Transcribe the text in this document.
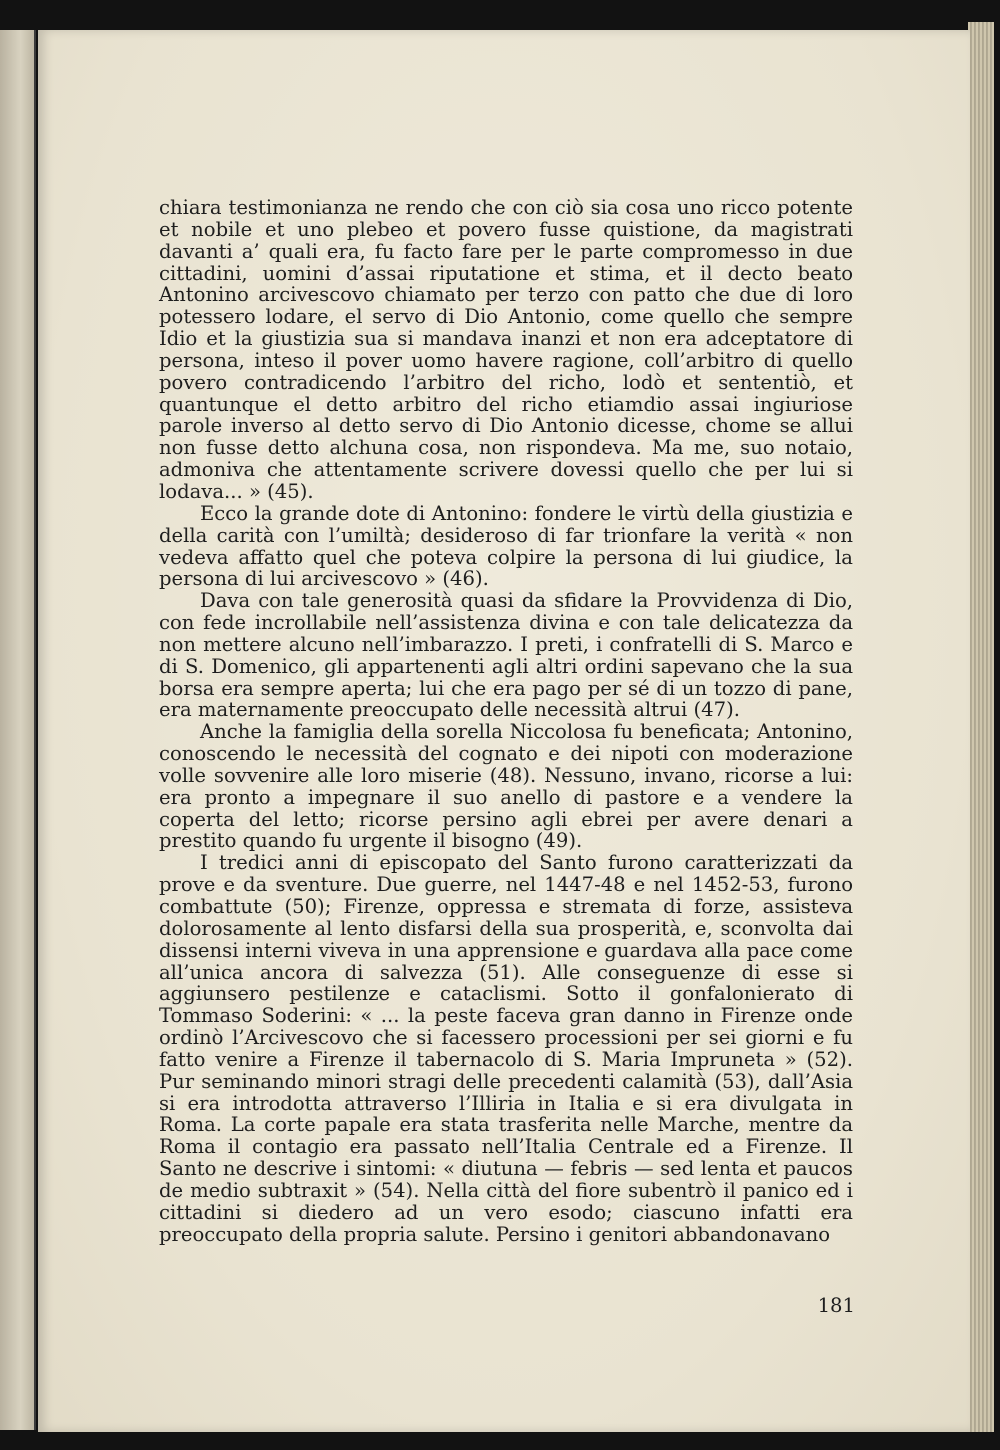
chiara testimonianza ne rendo che con ciò sia cosa uno ricco potente et nobile et uno plebeo et povero fusse quistione, da magistrati davanti a’ quali era, fu facto fare per le parte compromesso in due cittadini, uomini d’assai riputatione et stima, et il decto beato Antonino arcivescovo chiamato per terzo con patto che due di loro potessero lodare, el servo di Dio Antonio, come quello che sempre Idio et la giustizia sua si mandava inanzi et non era adceptatore di persona, inteso il pover uomo havere ragione, coll’arbitro di quello povero contradicendo l’arbitro del richo, lodò et sententiò, et quantunque el detto arbitro del richo etiamdio assai ingiuriose parole inverso al detto servo di Dio Antonio dicesse, chome se allui non fusse detto alchuna cosa, non rispondeva. Ma me, suo notaio, admoniva che attentamente scrivere dovessi quello che per lui si lodava... » (45).

Ecco la grande dote di Antonino: fondere le virtù della giustizia e della carità con l’umiltà; desideroso di far trionfare la verità « non vedeva affatto quel che poteva colpire la persona di lui giudice, la persona di lui arcivescovo » (46).

Dava con tale generosità quasi da sfidare la Provvidenza di Dio, con fede incrollabile nell’assistenza divina e con tale delicatezza da non mettere alcuno nell’imbarazzo. I preti, i confratelli di S. Marco e di S. Domenico, gli appartenenti agli altri ordini sapevano che la sua borsa era sempre aperta; lui che era pago per sé di un tozzo di pane, era maternamente preoccupato delle necessità altrui (47).

Anche la famiglia della sorella Niccolosa fu beneficata; Antonino, conoscendo le necessità del cognato e dei nipoti con moderazione volle sovvenire alle loro miserie (48). Nessuno, invano, ricorse a lui: era pronto a impegnare il suo anello di pastore e a vendere la coperta del letto; ricorse persino agli ebrei per avere denari a prestito quando fu urgente il bisogno (49).

I tredici anni di episcopato del Santo furono caratterizzati da prove e da sventure. Due guerre, nel 1447-48 e nel 1452-53, furono combattute (50); Firenze, oppressa e stremata di forze, assisteva dolorosamente al lento disfarsi della sua prosperità, e, sconvolta dai dissensi interni viveva in una apprensione e guardava alla pace come all’unica ancora di salvezza (51). Alle conseguenze di esse si aggiunsero pestilenze e cataclismi. Sotto il gonfalonierato di Tommaso Soderini: « ... la peste faceva gran danno in Firenze onde ordinò l’Arcivescovo che si facessero processioni per sei giorni e fu fatto venire a Firenze il tabernacolo di S. Maria Impruneta » (52). Pur seminando minori stragi delle precedenti calamità (53), dall’Asia si era introdotta attraverso l’Illiria in Italia e si era divulgata in Roma. La corte papale era stata trasferita nelle Marche, mentre da Roma il contagio era passato nell’Italia Centrale ed a Firenze. Il Santo ne descrive i sintomi: « diutuna — febris — sed lenta et paucos de medio subtraxit » (54). Nella città del fiore subentrò il panico ed i cittadini si diedero ad un vero esodo; ciascuno infatti era preoccupato della propria salute. Persino i genitori abbandonavano

181
